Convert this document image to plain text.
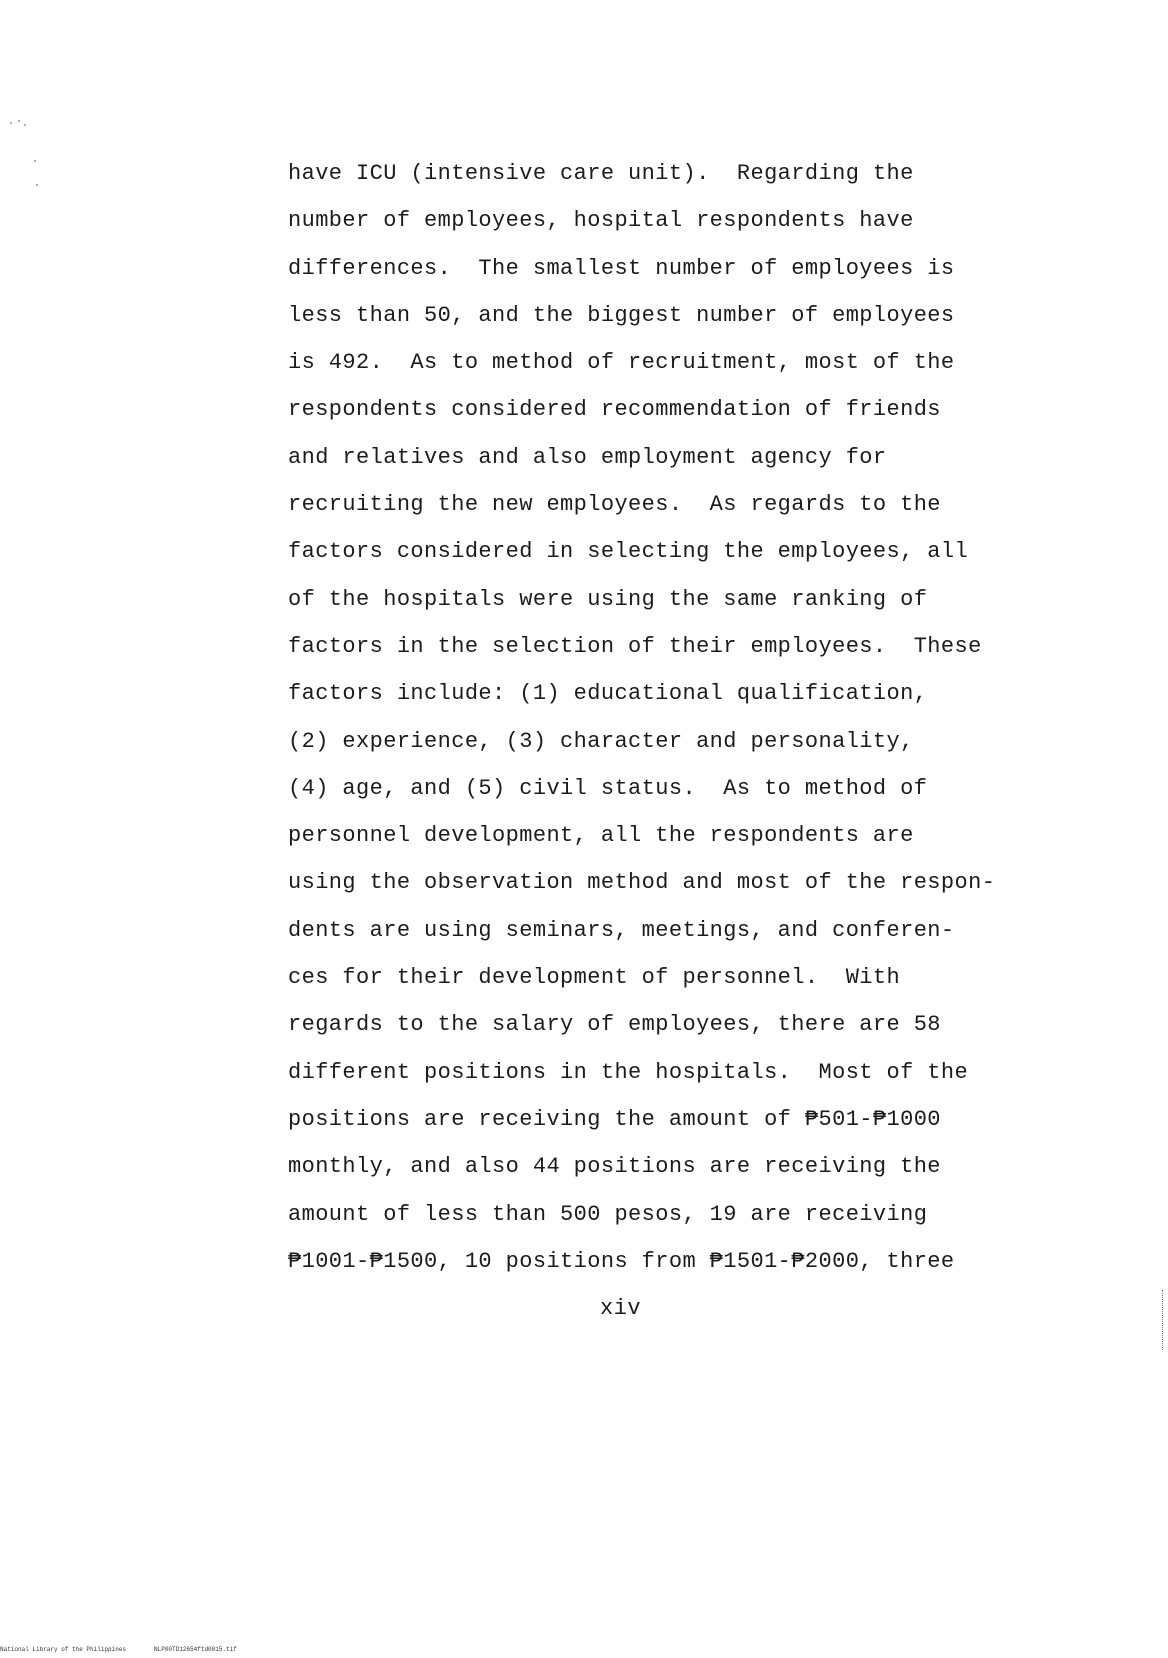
have ICU (intensive care unit).  Regarding the
number of employees, hospital respondents have
differences.  The smallest number of employees is
less than 50, and the biggest number of employees
is 492.  As to method of recruitment, most of the
respondents considered recommendation of friends
and relatives and also employment agency for
recruiting the new employees.  As regards to the
factors considered in selecting the employees, all
of the hospitals were using the same ranking of
factors in the selection of their employees.  These
factors include: (1) educational qualification,
(2) experience, (3) character and personality,
(4) age, and (5) civil status.  As to method of
personnel development, all the respondents are
using the observation method and most of the respon-
dents are using seminars, meetings, and conferen-
ces for their development of personnel.  With
regards to the salary of employees, there are 58
different positions in the hospitals.  Most of the
positions are receiving the amount of ₱501-₱1000
monthly, and also 44 positions are receiving the
amount of less than 500 pesos, 19 are receiving
₱1001-₱1500, 10 positions from ₱1501-₱2000, three
xiv
National Library of the Philippines	NLP00TD12654ftd0015.tif
